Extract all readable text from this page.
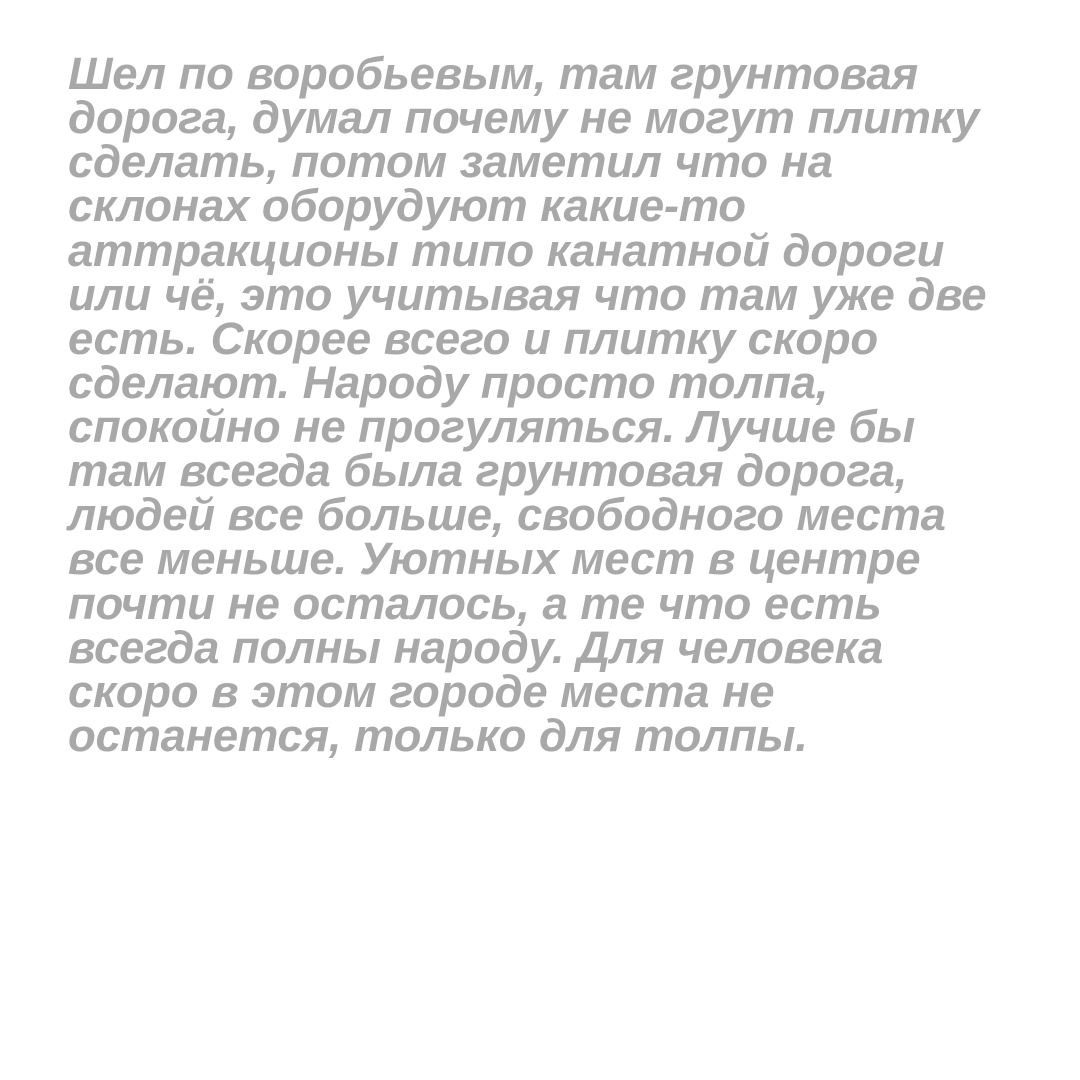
Шел по воробьевым, там грунтовая дорога, думал почему не могут плитку сделать, потом заметил что на склонах оборудуют какие-то аттракционы типо канатной дороги или чё, это учитывая что там уже две есть. Скорее всего и плитку скоро сделают. Народу просто толпа, спокойно не прогуляться. Лучше бы там всегда была грунтовая дорога, людей все больше, свободного места все меньше. Уютных мест в центре почти не осталось, а те что есть всегда полны народу. Для человека скоро в этом городе места не останется, только для толпы.
